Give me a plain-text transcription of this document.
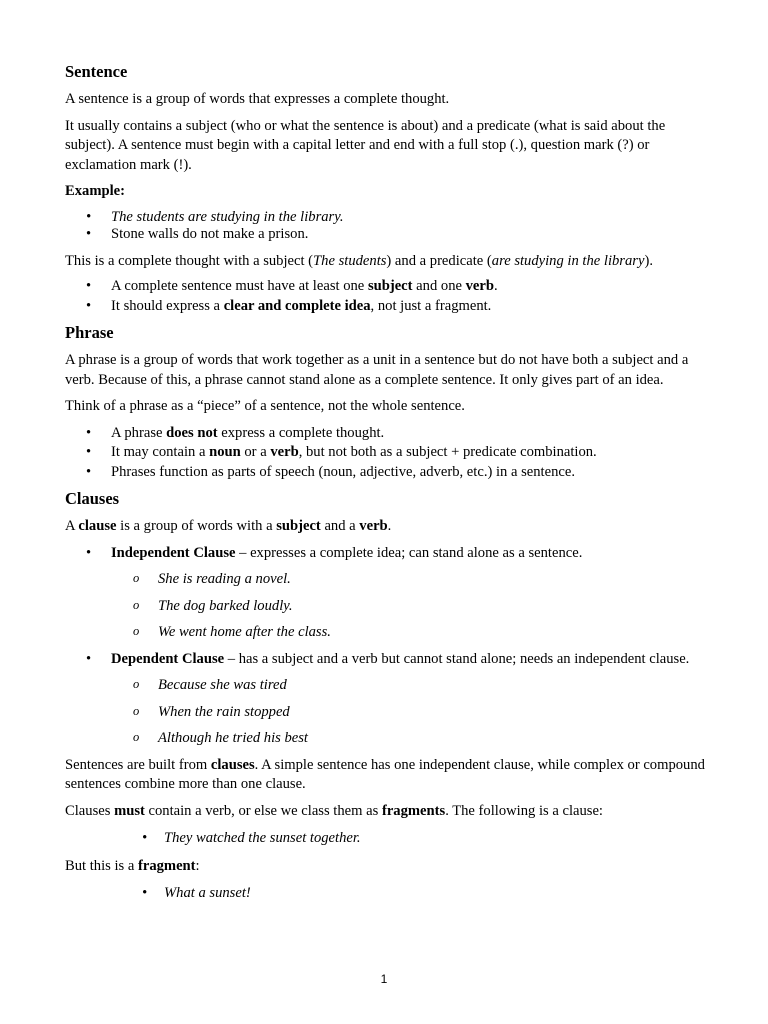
Sentence

A sentence is a group of words that expresses a complete thought.

It usually contains a subject (who or what the sentence is about) and a predicate (what is said about the subject). A sentence must begin with a capital letter and end with a full stop (.), question mark (?) or exclamation mark (!).

Example:

• The students are studying in the library.
• Stone walls do not make a prison.

This is a complete thought with a subject (The students) and a predicate (are studying in the library).

• A complete sentence must have at least one subject and one verb.
• It should express a clear and complete idea, not just a fragment.
Phrase

A phrase is a group of words that work together as a unit in a sentence but do not have both a subject and a verb. Because of this, a phrase cannot stand alone as a complete sentence. It only gives part of an idea.

Think of a phrase as a “piece” of a sentence, not the whole sentence.

• A phrase does not express a complete thought.
• It may contain a noun or a verb, but not both as a subject + predicate combination.
• Phrases function as parts of speech (noun, adjective, adverb, etc.) in a sentence.
Clauses

A clause is a group of words with a subject and a verb.

• Independent Clause – expresses a complete idea; can stand alone as a sentence.
o She is reading a novel.
o The dog barked loudly.
o We went home after the class.
• Dependent Clause – has a subject and a verb but cannot stand alone; needs an independent clause.
o Because she was tired
o When the rain stopped
o Although he tried his best

Sentences are built from clauses. A simple sentence has one independent clause, while complex or compound sentences combine more than one clause.

Clauses must contain a verb, or else we class them as fragments. The following is a clause:

• They watched the sunset together.

But this is a fragment:

• What a sunset!
1
